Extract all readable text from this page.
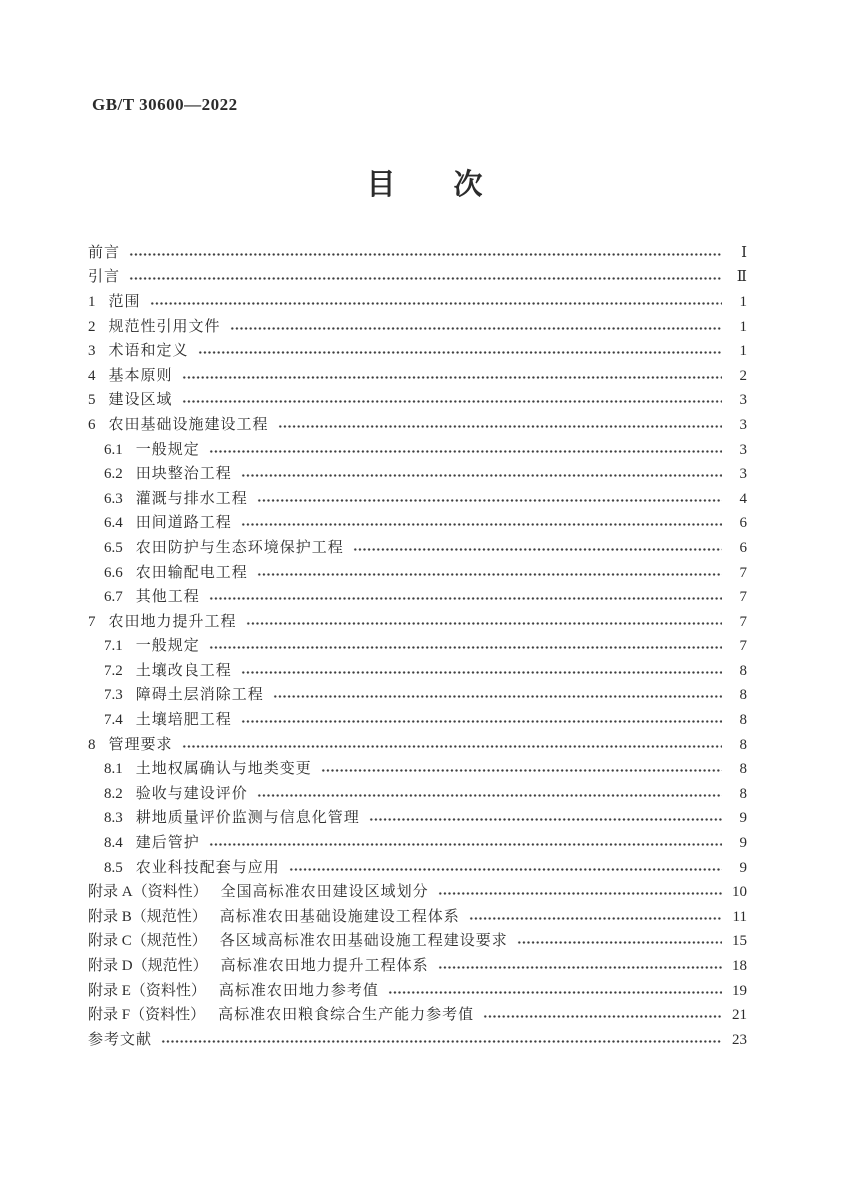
GB/T 30600—2022
目　　次
前言	Ⅰ
引言	Ⅱ
1 范围	1
2 规范性引用文件	1
3 术语和定义	1
4 基本原则	2
5 建设区域	3
6 农田基础设施建设工程	3
6.1 一般规定	3
6.2 田块整治工程	3
6.3 灌溉与排水工程	4
6.4 田间道路工程	6
6.5 农田防护与生态环境保护工程	6
6.6 农田输配电工程	7
6.7 其他工程	7
7 农田地力提升工程	7
7.1 一般规定	7
7.2 土壤改良工程	8
7.3 障碍土层消除工程	8
7.4 土壤培肥工程	8
8 管理要求	8
8.1 土地权属确认与地类变更	8
8.2 验收与建设评价	8
8.3 耕地质量评价监测与信息化管理	9
8.4 建后管护	9
8.5 农业科技配套与应用	9
附录 A（资料性） 全国高标准农田建设区域划分	10
附录 B（规范性） 高标准农田基础设施建设工程体系	11
附录 C（规范性） 各区域高标准农田基础设施工程建设要求	15
附录 D（规范性） 高标准农田地力提升工程体系	18
附录 E（资料性） 高标准农田地力参考值	19
附录 F（资料性） 高标准农田粮食综合生产能力参考值	21
参考文献	23
